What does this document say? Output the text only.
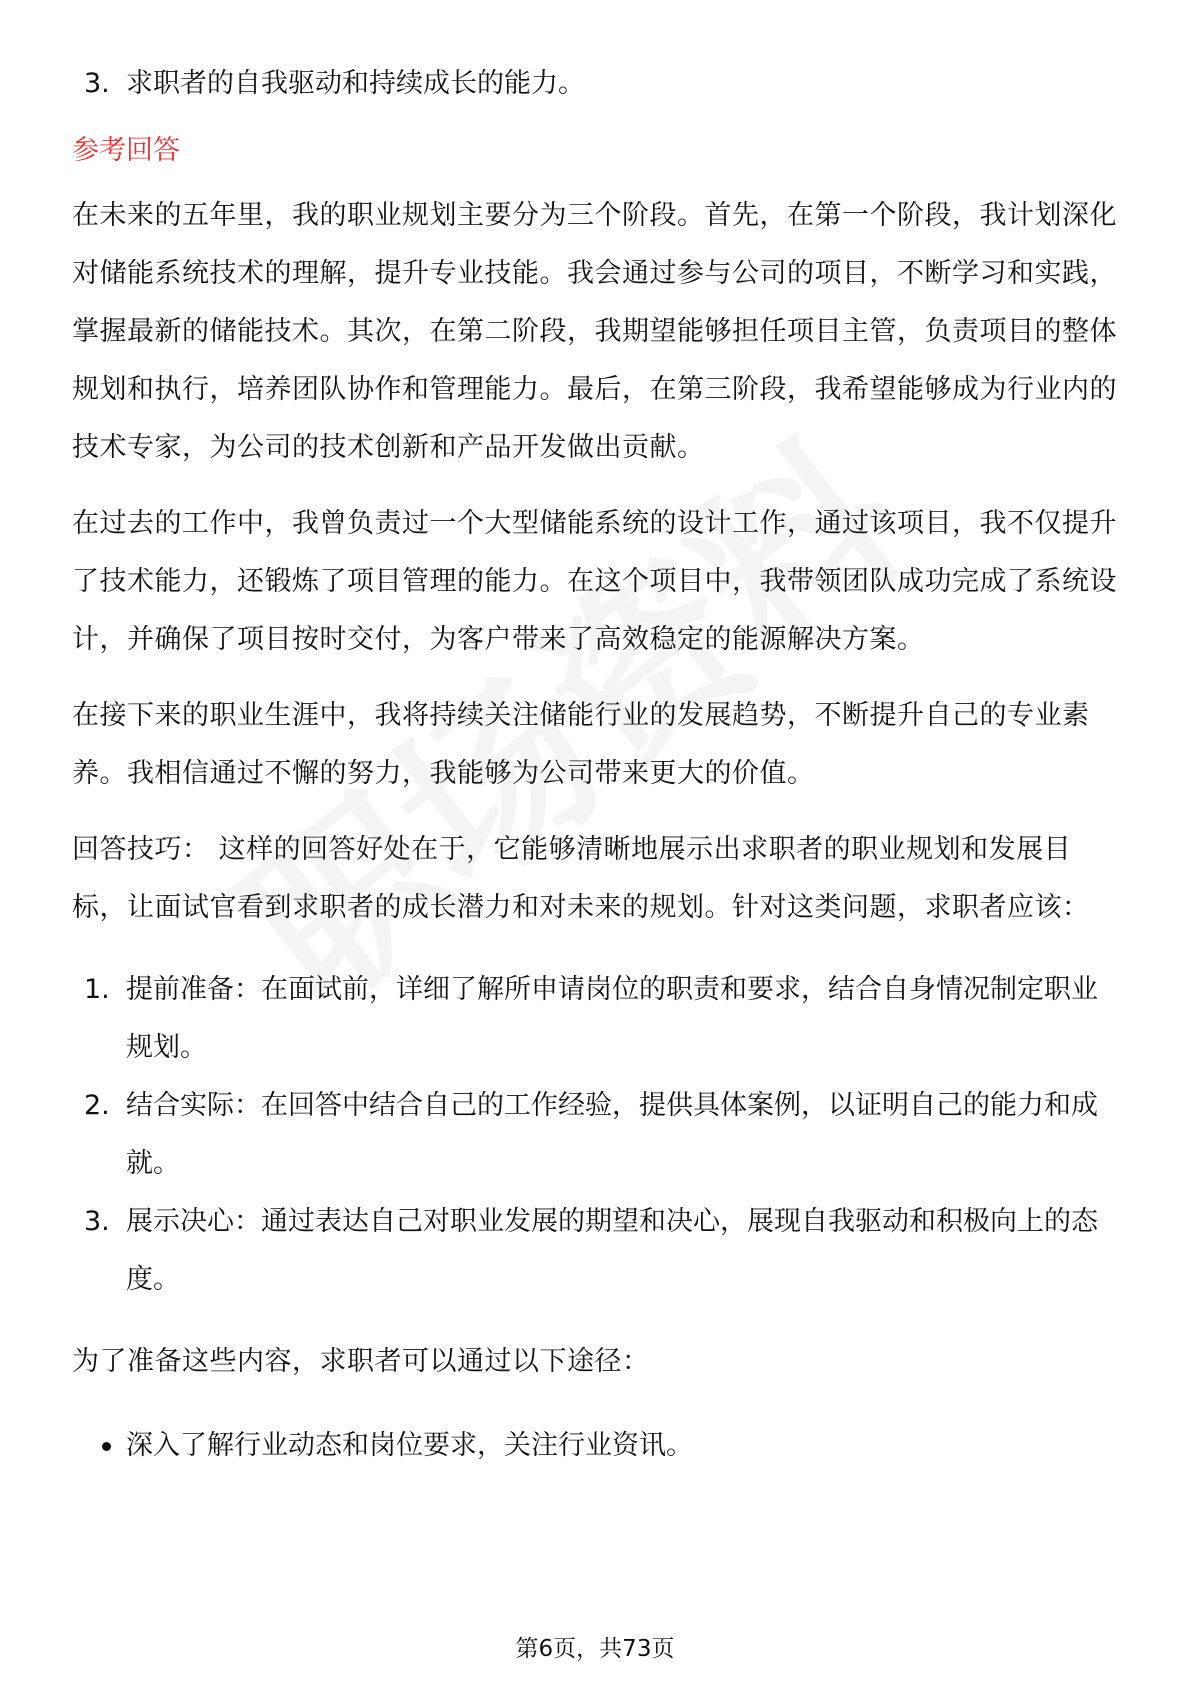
3. 求职者的自我驱动和持续成长的能力。
参考回答

在未来的五年里，我的职业规划主要分为三个阶段。首先，在第一个阶段，我计划深化对储能系统技术的理解，提升专业技能。我会通过参与公司的项目，不断学习和实践，掌握最新的储能技术。其次，在第二阶段，我期望能够担任项目主管，负责项目的整体规划和执行，培养团队协作和管理能力。最后，在第三阶段，我希望能够成为行业内的技术专家，为公司的技术创新和产品开发做出贡献。

在过去的工作中，我曾负责过一个大型储能系统的设计工作，通过该项目，我不仅提升了技术能力，还锻炼了项目管理的能力。在这个项目中，我带领团队成功完成了系统设计，并确保了项目按时交付，为客户带来了高效稳定的能源解决方案。

在接下来的职业生涯中，我将持续关注储能行业的发展趋势，不断提升自己的专业素养。我相信通过不懈的努力，我能够为公司带来更大的价值。

回答技巧： 这样的回答好处在于，它能够清晰地展示出求职者的职业规划和发展目标，让面试官看到求职者的成长潜力和对未来的规划。针对这类问题，求职者应该：

1. 提前准备：在面试前，详细了解所申请岗位的职责和要求，结合自身情况制定职业规划。
2. 结合实际：在回答中结合自己的工作经验，提供具体案例，以证明自己的能力和成就。
3. 展示决心：通过表达自己对职业发展的期望和决心，展现自我驱动和积极向上的态度。

为了准备这些内容，求职者可以通过以下途径：

深入了解行业动态和岗位要求，关注行业资讯。
第6页，共73页
